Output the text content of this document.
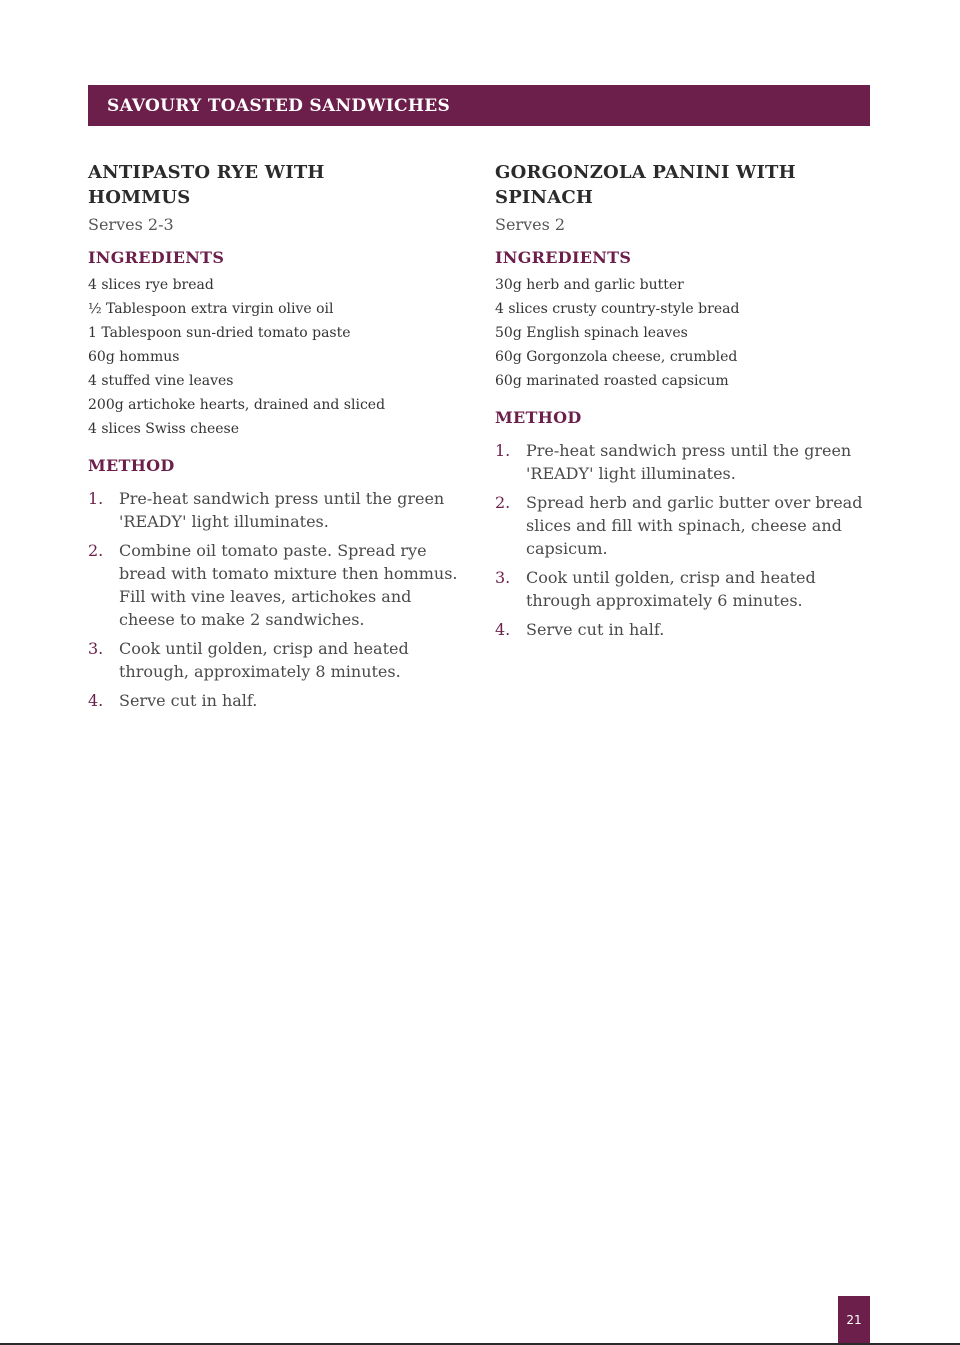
SAVOURY TOASTED SANDWICHES
ANTIPASTO RYE WITH HOMMUS
Serves 2-3
INGREDIENTS
4 slices rye bread
½ Tablespoon extra virgin olive oil
1 Tablespoon sun-dried tomato paste
60g hommus
4 stuffed vine leaves
200g artichoke hearts, drained and sliced
4 slices Swiss cheese
METHOD
1. Pre-heat sandwich press until the green 'READY' light illuminates.
2. Combine oil tomato paste. Spread rye bread with tomato mixture then hommus. Fill with vine leaves, artichokes and cheese to make 2 sandwiches.
3. Cook until golden, crisp and heated through, approximately 8 minutes.
4. Serve cut in half.
GORGONZOLA PANINI WITH SPINACH
Serves 2
INGREDIENTS
30g herb and garlic butter
4 slices crusty country-style bread
50g English spinach leaves
60g Gorgonzola cheese, crumbled
60g marinated roasted capsicum
METHOD
1. Pre-heat sandwich press until the green 'READY' light illuminates.
2. Spread herb and garlic butter over bread slices and fill with spinach, cheese and capsicum.
3. Cook until golden, crisp and heated through approximately 6 minutes.
4. Serve cut in half.
21
